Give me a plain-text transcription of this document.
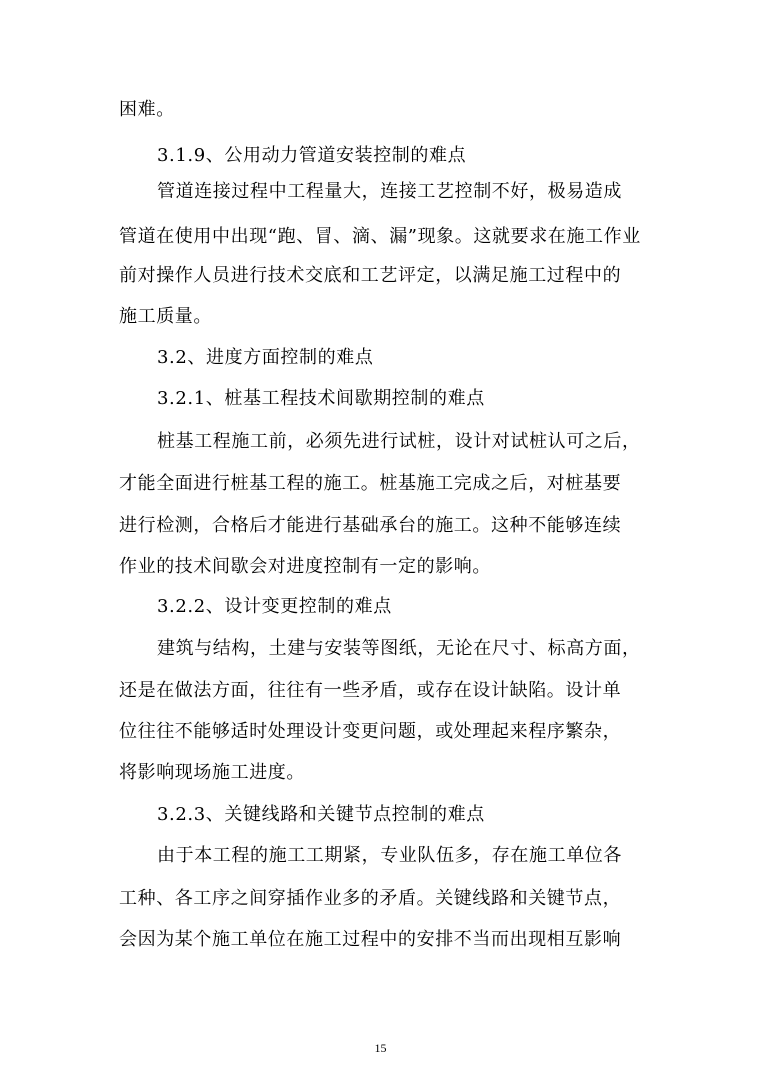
困难。
3.1.9、公用动力管道安装控制的难点
管道连接过程中工程量大，连接工艺控制不好，极易造成
管道在使用中出现“跑、冒、滴、漏”现象。这就要求在施工作业
前对操作人员进行技术交底和工艺评定，以满足施工过程中的
施工质量。
3.2、进度方面控制的难点
3.2.1、桩基工程技术间歇期控制的难点
桩基工程施工前，必须先进行试桩，设计对试桩认可之后，
才能全面进行桩基工程的施工。桩基施工完成之后，对桩基要
进行检测，合格后才能进行基础承台的施工。这种不能够连续
作业的技术间歇会对进度控制有一定的影响。
3.2.2、设计变更控制的难点
建筑与结构，土建与安装等图纸，无论在尺寸、标高方面，
还是在做法方面，往往有一些矛盾，或存在设计缺陷。设计单
位往往不能够适时处理设计变更问题，或处理起来程序繁杂，
将影响现场施工进度。
3.2.3、关键线路和关键节点控制的难点
由于本工程的施工工期紧，专业队伍多，存在施工单位各
工种、各工序之间穿插作业多的矛盾。关键线路和关键节点，
会因为某个施工单位在施工过程中的安排不当而出现相互影响
15
